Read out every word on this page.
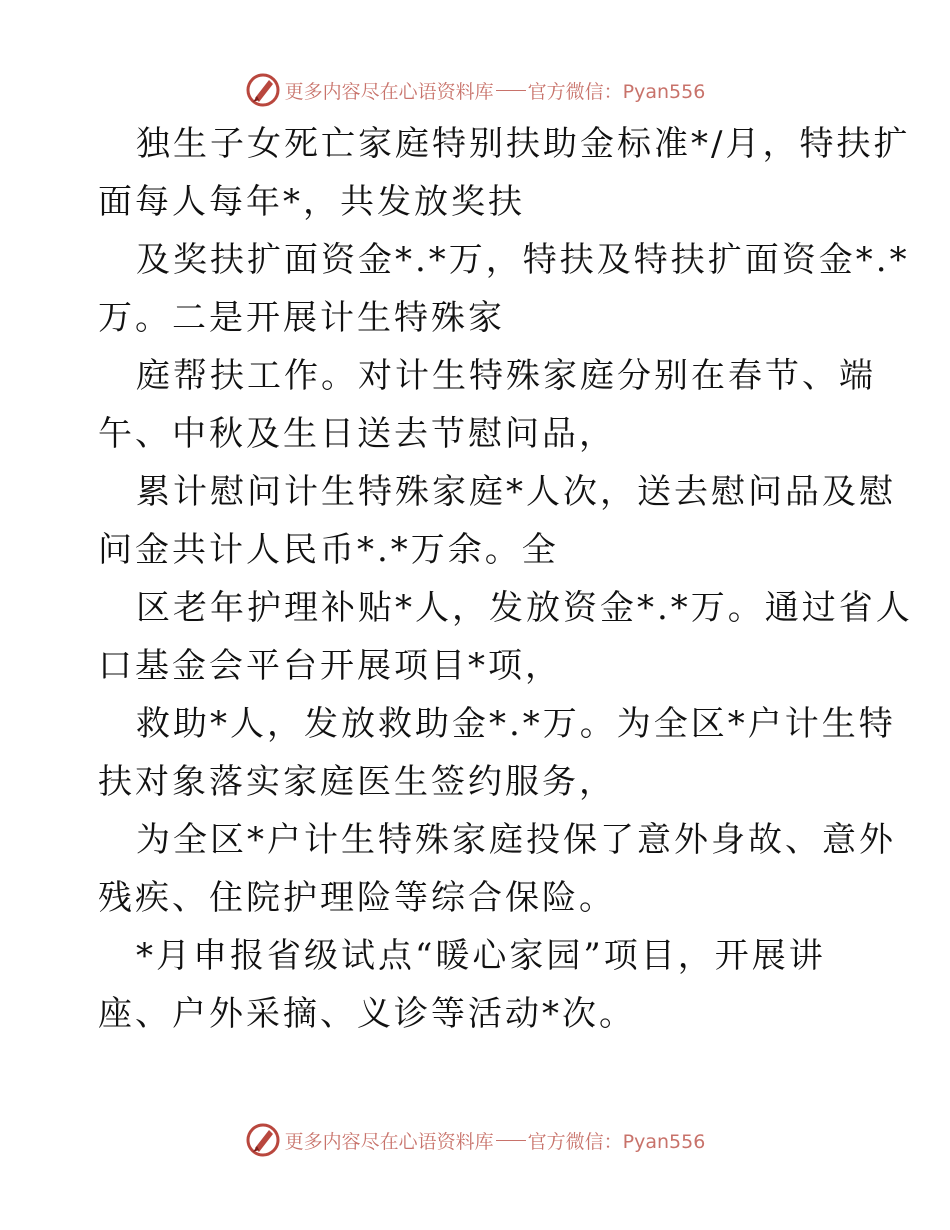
更多内容尽在心语资料库 官方微信：Pyan556
独生子女死亡家庭特别扶助金标准*/月，特扶扩
面每人每年*，共发放奖扶
及奖扶扩面资金*.*万，特扶及特扶扩面资金*.*
万。二是开展计生特殊家
庭帮扶工作。对计生特殊家庭分别在春节、端
午、中秋及生日送去节慰问品，
累计慰问计生特殊家庭*人次，送去慰问品及慰
问金共计人民币*.*万余。全
区老年护理补贴*人，发放资金*.*万。通过省人
口基金会平台开展项目*项，
救助*人，发放救助金*.*万。为全区*户计生特
扶对象落实家庭医生签约服务，
为全区*户计生特殊家庭投保了意外身故、意外
残疾、住院护理险等综合保险。
*月申报省级试点“暖心家园”项目，开展讲
座、户外采摘、义诊等活动*次。
更多内容尽在心语资料库 官方微信：Pyan556
